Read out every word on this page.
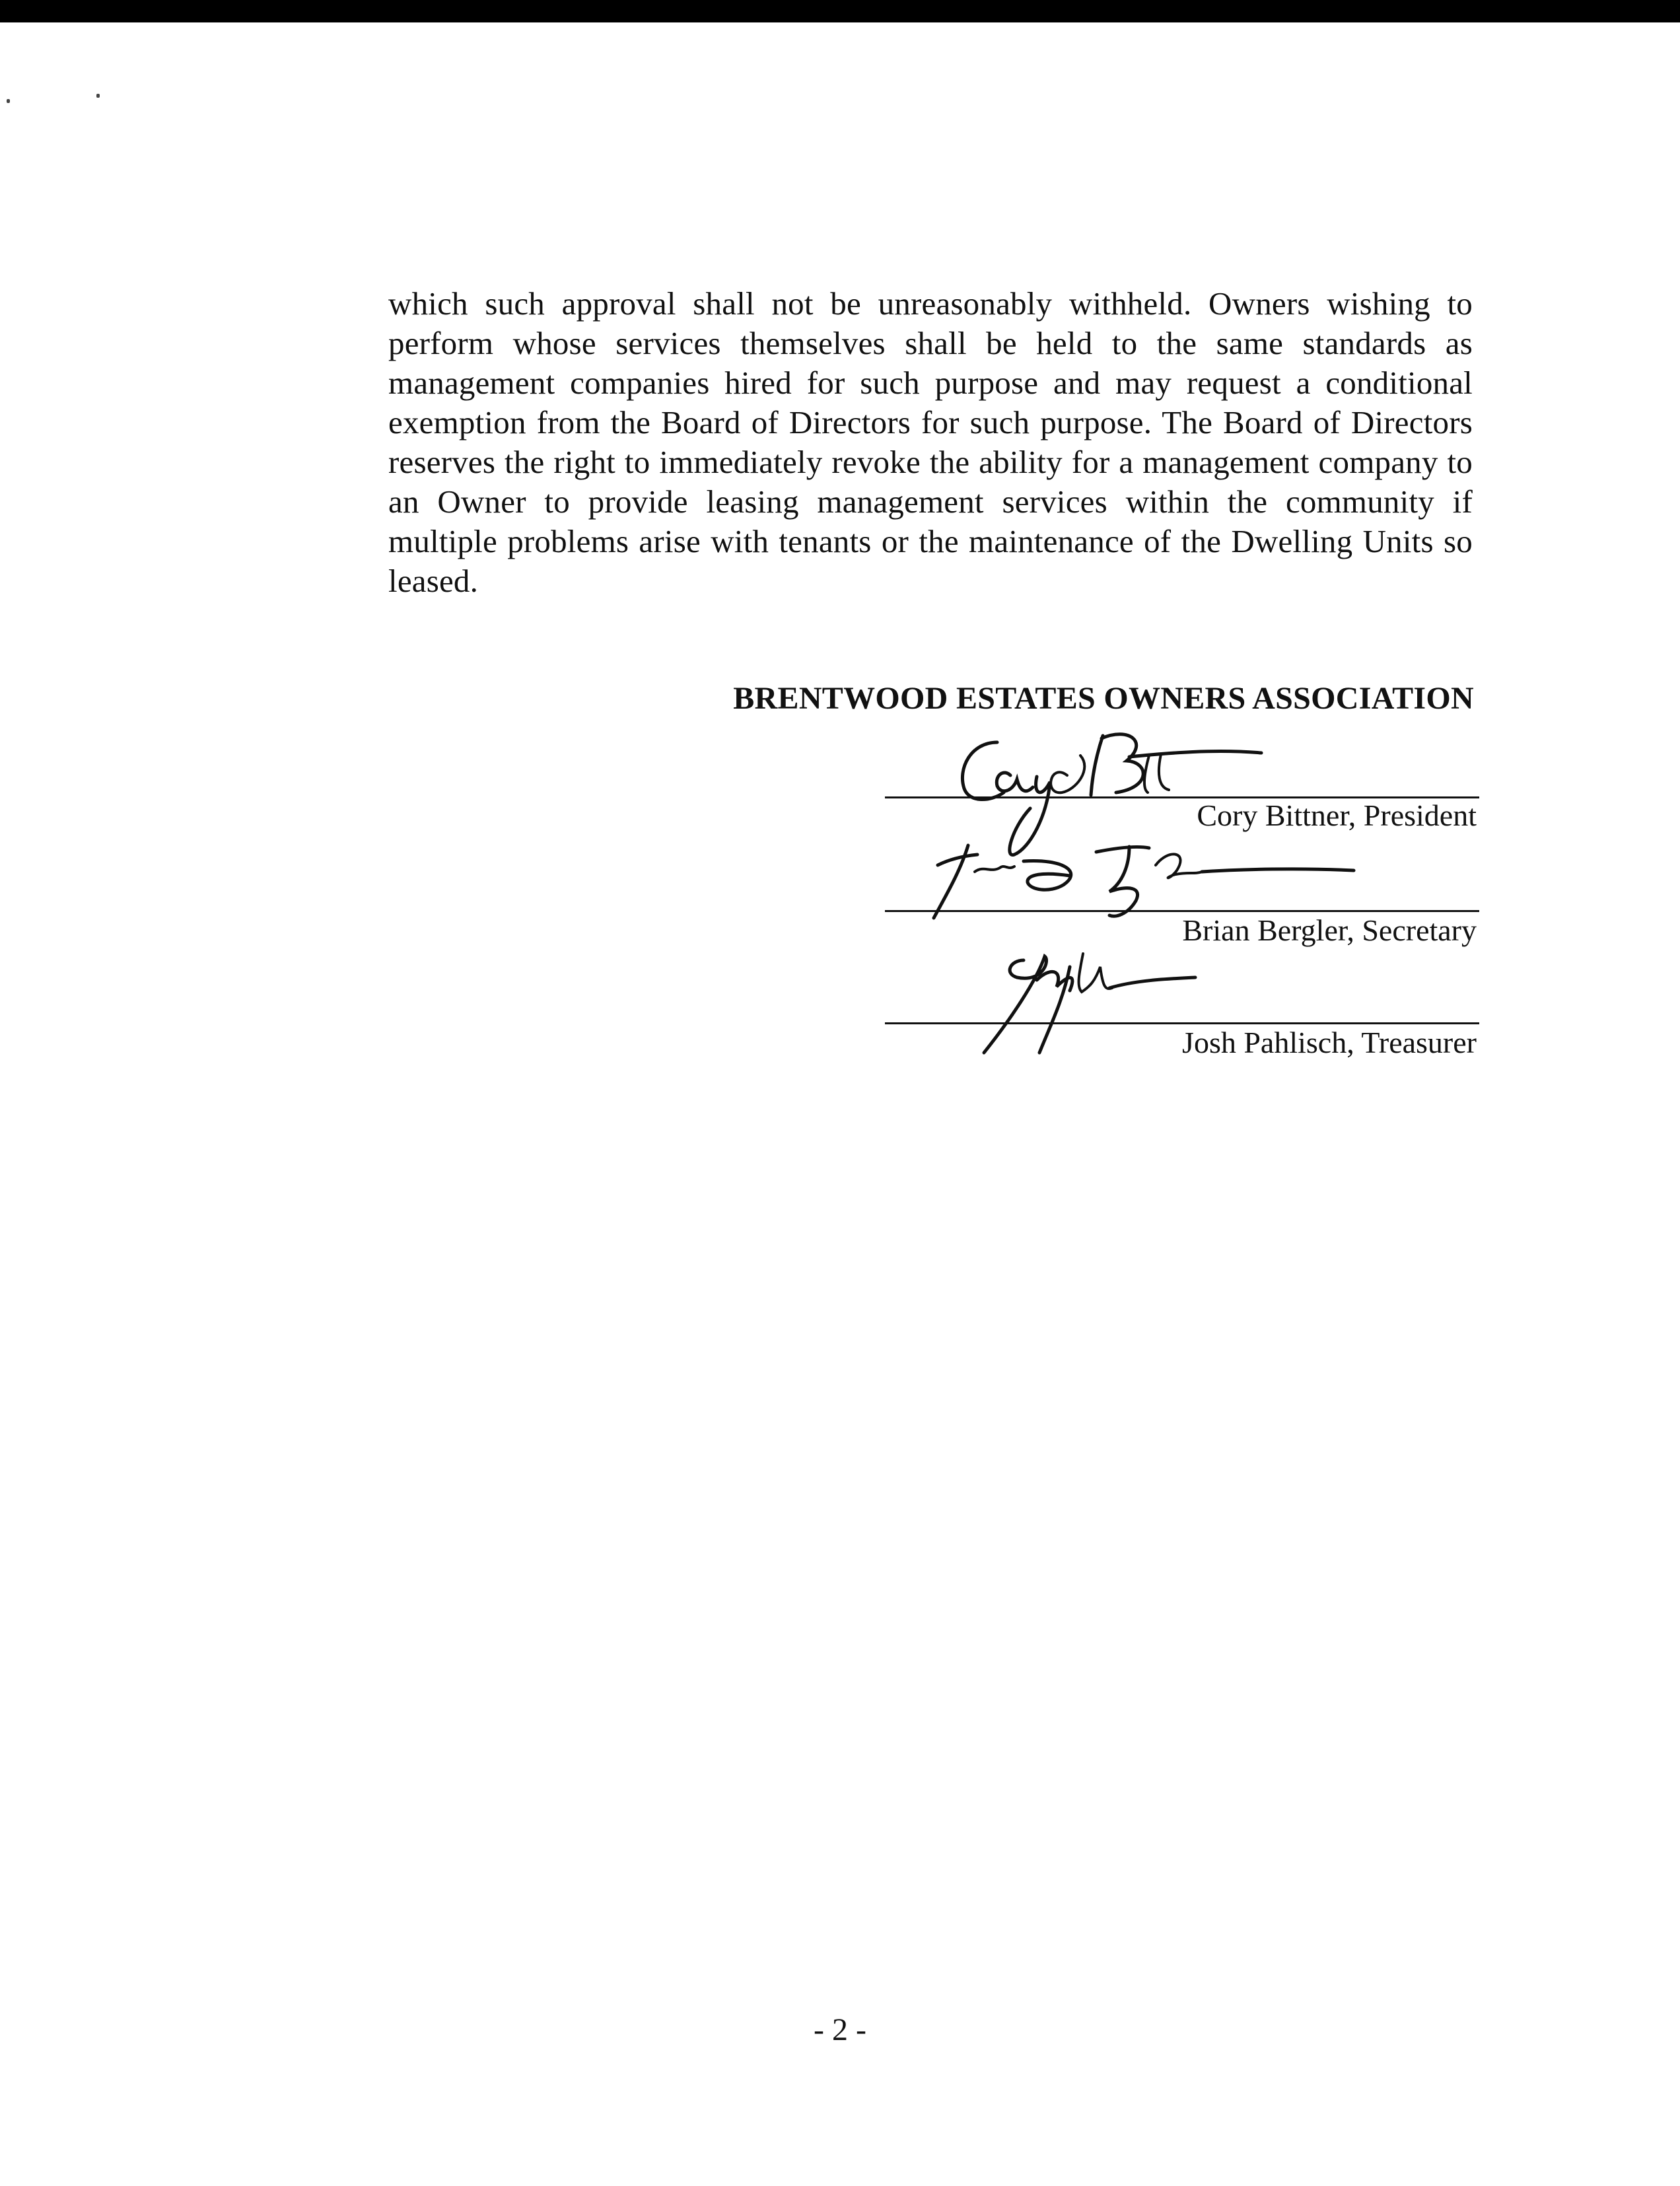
which such approval shall not be unreasonably withheld. Owners wishing to perform whose services themselves shall be held to the same standards as management companies hired for such purpose and may request a conditional exemption from the Board of Directors for such purpose. The Board of Directors reserves the right to immediately revoke the ability for a management company to an Owner to provide leasing management services within the community if multiple problems arise with tenants or the maintenance of the Dwelling Units so leased.

BRENTWOOD ESTATES OWNERS ASSOCIATION

Cory Bittner, President
Brian Bergler, Secretary
Josh Pahlisch, Treasurer

- 2 -
